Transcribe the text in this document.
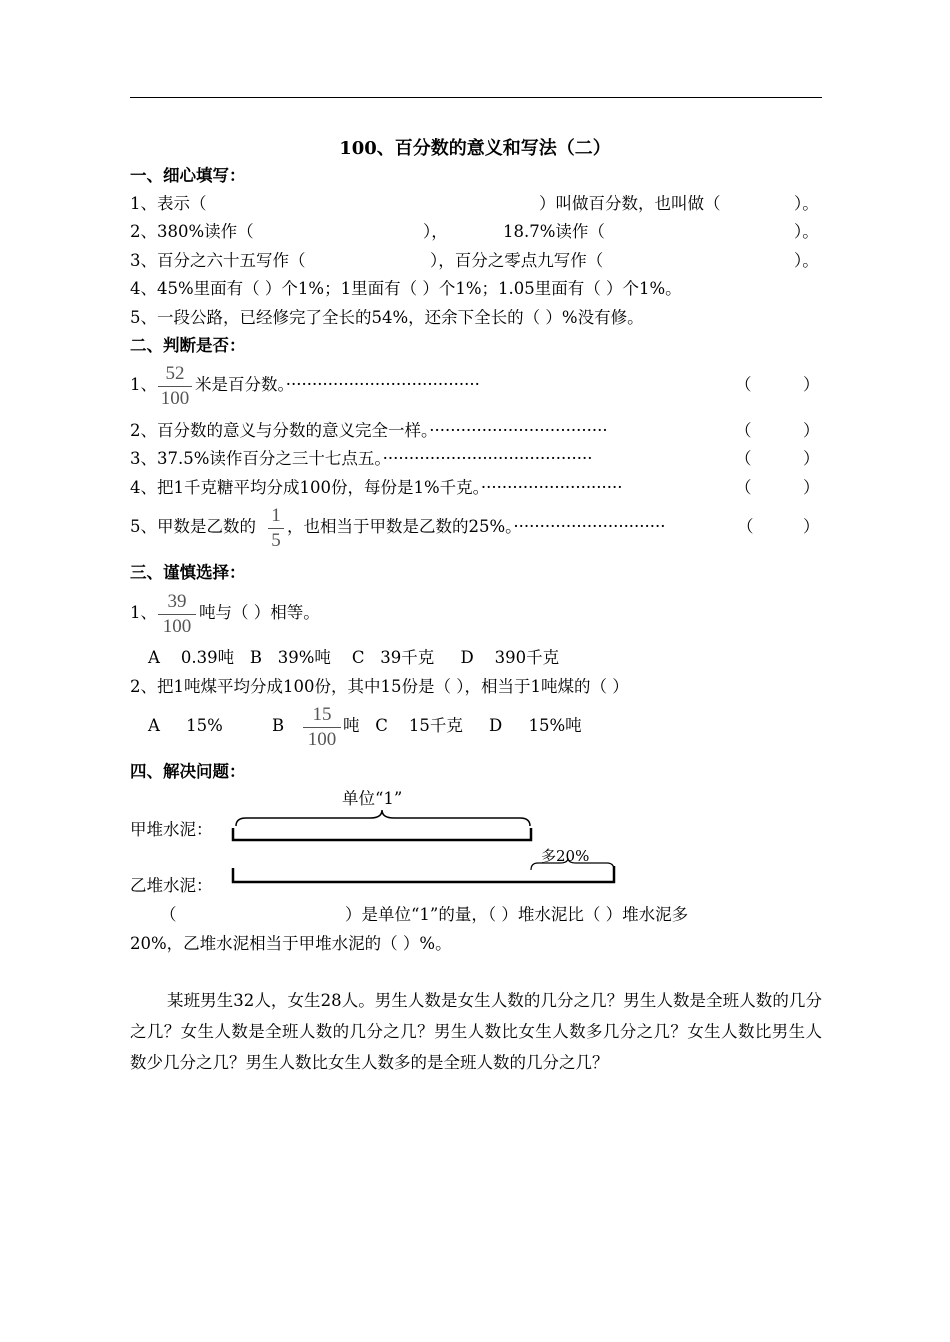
100、百分数的意义和写法（二）
一、细心填写：
1、表示（	）叫做百分数，也叫做（	）。
2、380%读作（	），	18.7%读作（	）。
3、百分之六十五写作（	），百分之零点九写作（	）。
4、45%里面有（ ）个1%；1里面有（ ）个1%；1.05里面有（ ）个1%。
5、一段公路，已经修完了全长的54%，还余下全长的（ ）%没有修。
二、判断是否：
1、
52
100
米是百分数。·····································	（	）
2、百分数的意义与分数的意义完全一样。··································	（	）
3、37.5%读作百分之三十七点五。········································	（	）
4、把1千克糖平均分成100份，每份是1%千克。···························	（	）
5、甲数是乙数的
1
5
，也相当于甲数是乙数的25%。·····························	（	）
三、谨慎选择：
1、
39
100
吨与（ ）相等。
A    0.39吨   B   39%吨    C   39千克     D    390千克
2、把1吨煤平均分成100份，其中15份是（ ），相当于1吨煤的（ ）
A     15%	B
15
100
吨   C    15千克     D     15%吨
四、解决问题：
单位“1”
甲堆水泥：
多20%
乙堆水泥：
（	）是单位“1”的量，（ ）堆水泥比（ ）堆水泥多
20%，乙堆水泥相当于甲堆水泥的（ ）%。
某班男生32人，女生28人。男生人数是女生人数的几分之几？男生人数是全班人数的几分之几？女生人数是全班人数的几分之几？男生人数比女生人数多几分之几？女生人数比男生人数少几分之几？男生人数比女生人数多的是全班人数的几分之几？
